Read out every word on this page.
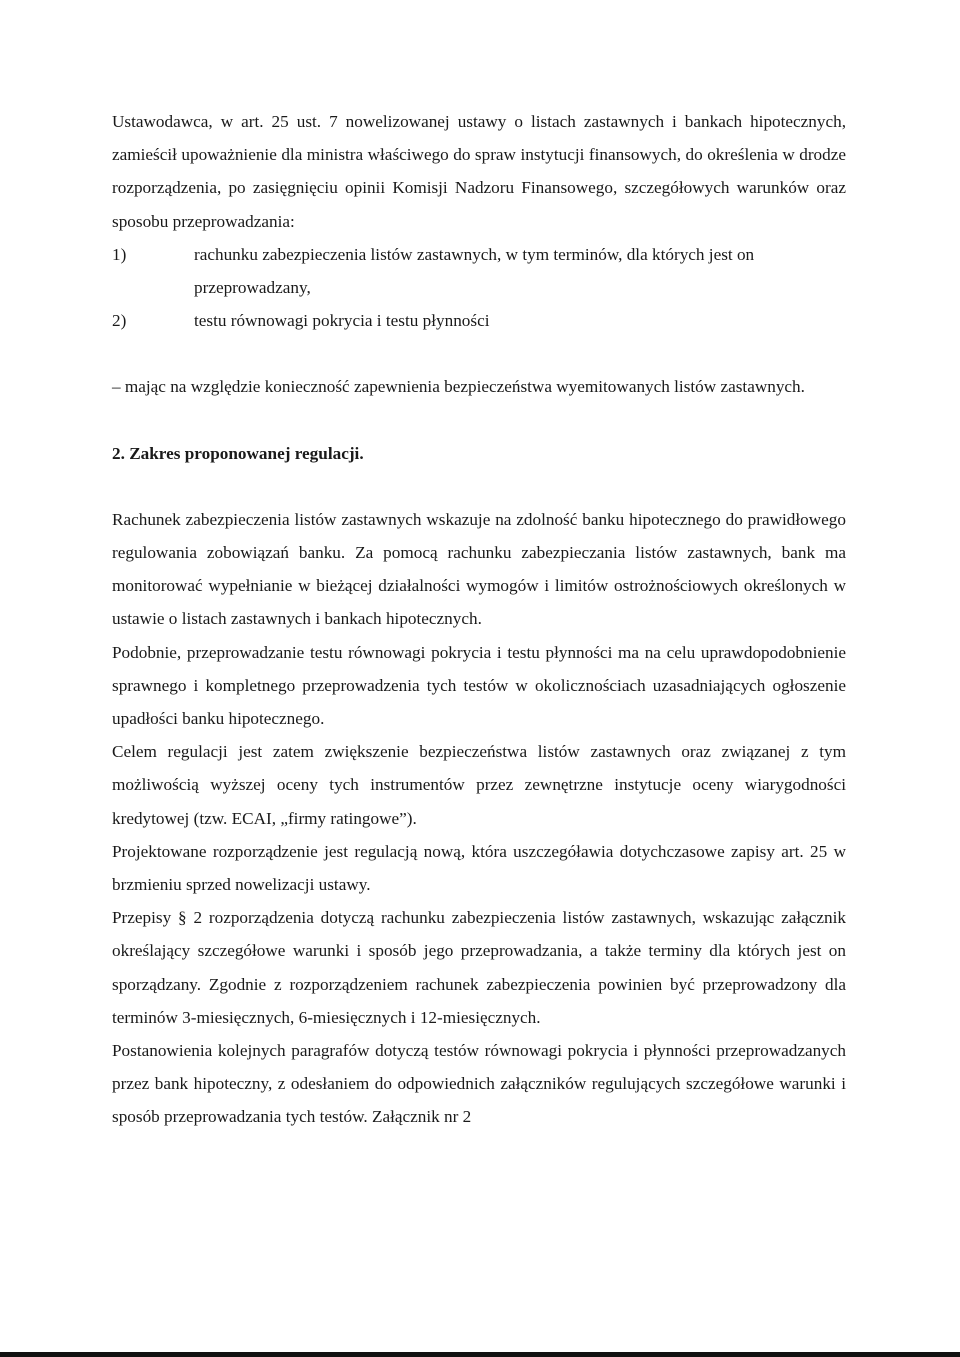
Ustawodawca, w art. 25 ust. 7 nowelizowanej ustawy o listach zastawnych i bankach hipotecznych, zamieścił upoważnienie dla ministra właściwego do spraw instytucji finansowych, do określenia w drodze rozporządzenia, po zasięgnięciu opinii Komisji Nadzoru Finansowego, szczegółowych warunków oraz sposobu przeprowadzania:

1)	rachunku zabezpieczenia listów zastawnych, w tym terminów, dla których jest on przeprowadzany,
2)	testu równowagi pokrycia i testu płynności

– mając na względzie konieczność zapewnienia bezpieczeństwa wyemitowanych listów zastawnych.

2. Zakres proponowanej regulacji.

Rachunek zabezpieczenia listów zastawnych wskazuje na zdolność banku hipotecznego do prawidłowego regulowania zobowiązań banku. Za pomocą rachunku zabezpieczania listów zastawnych, bank ma monitorować wypełnianie w bieżącej działalności wymogów i limitów ostrożnościowych określonych w ustawie o listach zastawnych i bankach hipotecznych.

Podobnie, przeprowadzanie testu równowagi pokrycia i testu płynności ma na celu uprawdopodobnienie sprawnego i kompletnego przeprowadzenia tych testów w okolicznościach uzasadniających ogłoszenie upadłości banku hipotecznego.

Celem regulacji jest zatem zwiększenie bezpieczeństwa listów zastawnych oraz związanej z tym możliwością wyższej oceny tych instrumentów przez zewnętrzne instytucje oceny wiarygodności kredytowej (tzw. ECAI, „firmy ratingowe”).

Projektowane rozporządzenie jest regulacją nową, która uszczegóławia dotychczasowe zapisy art. 25 w brzmieniu sprzed nowelizacji ustawy.

Przepisy § 2 rozporządzenia dotyczą rachunku zabezpieczenia listów zastawnych, wskazując załącznik określający szczegółowe warunki i sposób jego przeprowadzania, a także terminy dla których jest on sporządzany. Zgodnie z rozporządzeniem rachunek zabezpieczenia powinien być przeprowadzony dla terminów 3-miesięcznych, 6-miesięcznych i 12-miesięcznych.

Postanowienia kolejnych paragrafów dotyczą testów równowagi pokrycia i płynności przeprowadzanych przez bank hipoteczny, z odesłaniem do odpowiednich załączników regulujących szczegółowe warunki i sposób przeprowadzania tych testów. Załącznik nr 2
